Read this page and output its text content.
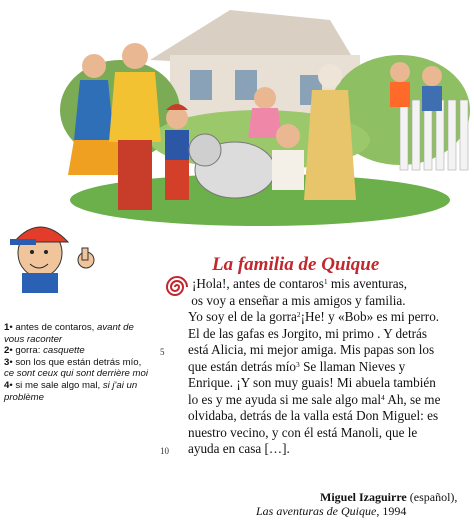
1• antes de contaros, avant de vous raconter
2• gorra: casquette
3• son los que están detrás mío, ce sont ceux qui sont derrière moi
4• si me sale algo mal, si j'ai un problème
La familia de Quique
¡Hola!, antes de contaros$^1$ mis aventuras,
os voy a enseñar a mis amigos y familia.
Yo soy el de la gorra$^2$¡He! y «Bob» es mi perro.
El de las gafas es Jorgito, mi primo . Y detrás
está Alicia, mi mejor amiga. Mis papas son los
que están detrás mío$^3$ Se llaman Nieves y
Enrique. ¡Y son muy guais! Mi abuela también
lo es y me ayuda si me sale algo mal$^4$ Ah, se me
olvidaba, detrás de la valla está Don Miguel: es
nuestro vecino, y con él está Manoli, que le
ayuda en casa […].
5
10
Miguel Izaguirre (español),
Las aventuras de Quique, 1994
